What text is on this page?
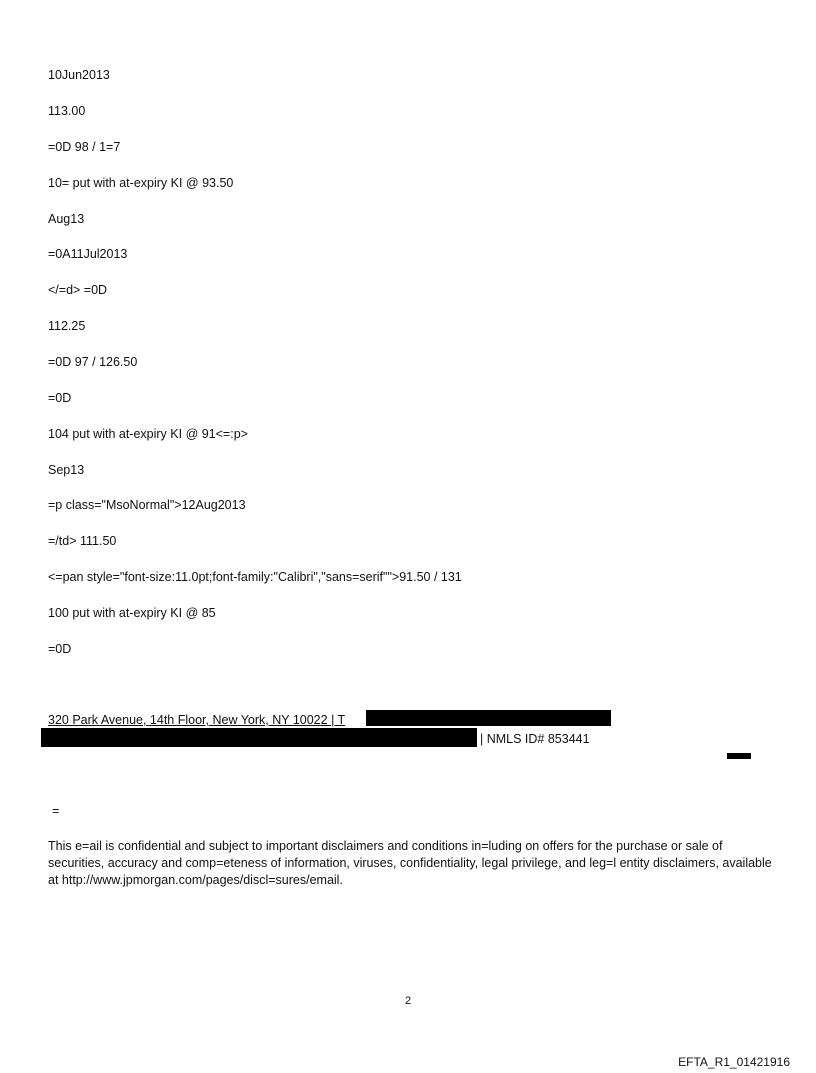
10Jun2013
113.00
=0D 98 / 1=7
10= put with at-expiry KI @ 93.50
Aug13
=0A11Jul2013
</=d> =0D
112.25
=0D 97 / 126.50
=0D
104 put with at-expiry KI @ 91<=:p>
Sep13
=p class="MsoNormal">12Aug2013
=/td> 111.50
<=pan style="font-size:11.0pt;font-family:"Calibri","sans=serif"">91.50 / 131
100 put with at-expiry KI @ 85
=0D
320 Park Avenue, 14th Floor, New York, NY 10022 | T
| NMLS ID# 853441
=
This e=ail is confidential and subject to important disclaimers and conditions in=luding on offers for the purchase or sale of securities, accuracy and comp=eteness of information, viruses, confidentiality, legal privilege, and leg=l entity disclaimers, available at http://www.jpmorgan.com/pages/discl=sures/email.
2
EFTA_R1_01421916
